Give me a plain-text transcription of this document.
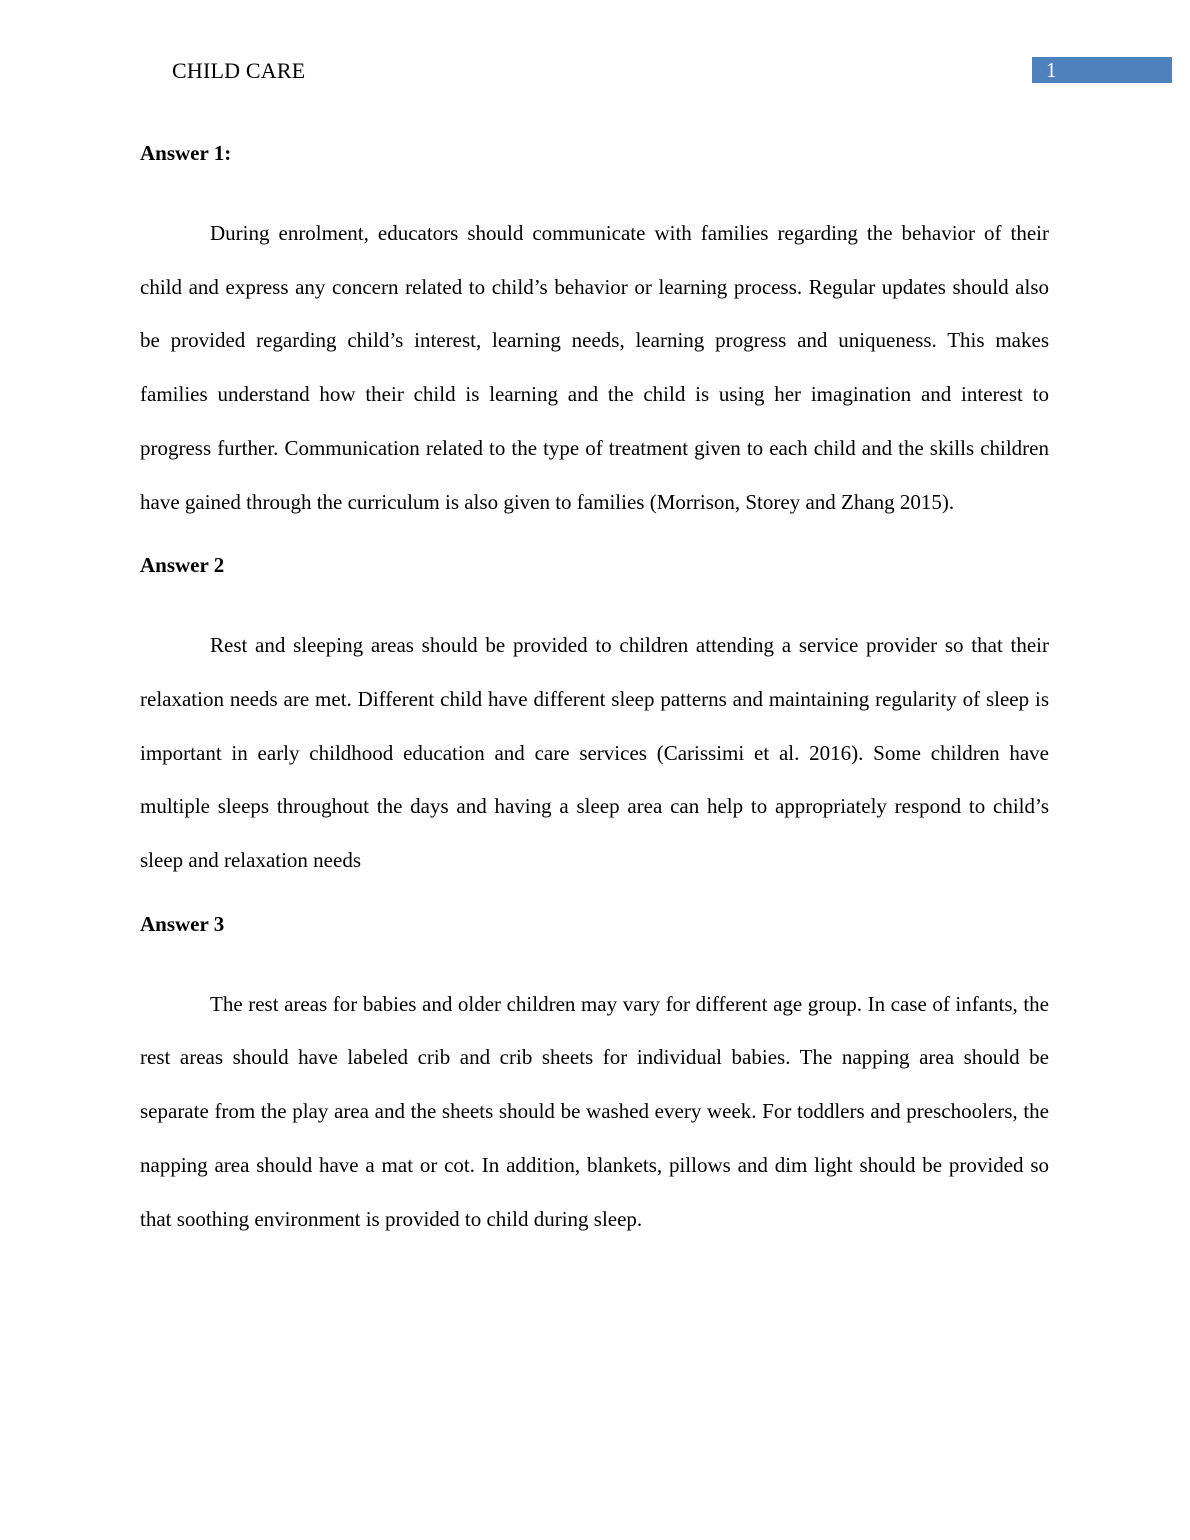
CHILD CARE	1

Answer 1:

During enrolment, educators should communicate with families regarding the behavior of their child and express any concern related to child’s behavior or learning process. Regular updates should also be provided regarding child’s interest, learning needs, learning progress and uniqueness. This makes families understand how their child is learning and the child is using her imagination and interest to progress further. Communication related to the type of treatment given to each child and the skills children have gained through the curriculum is also given to families (Morrison, Storey and Zhang 2015).

Answer 2

Rest and sleeping areas should be provided to children attending a service provider so that their relaxation needs are met. Different child have different sleep patterns and maintaining regularity of sleep is important in early childhood education and care services (Carissimi et al. 2016). Some children have multiple sleeps throughout the days and having a sleep area can help to appropriately respond to child’s sleep and relaxation needs

Answer 3

The rest areas for babies and older children may vary for different age group. In case of infants, the rest areas should have labeled crib and crib sheets for individual babies. The napping area should be separate from the play area and the sheets should be washed every week. For toddlers and preschoolers, the napping area should have a mat or cot. In addition, blankets, pillows and dim light should be provided so that soothing environment is provided to child during sleep.
